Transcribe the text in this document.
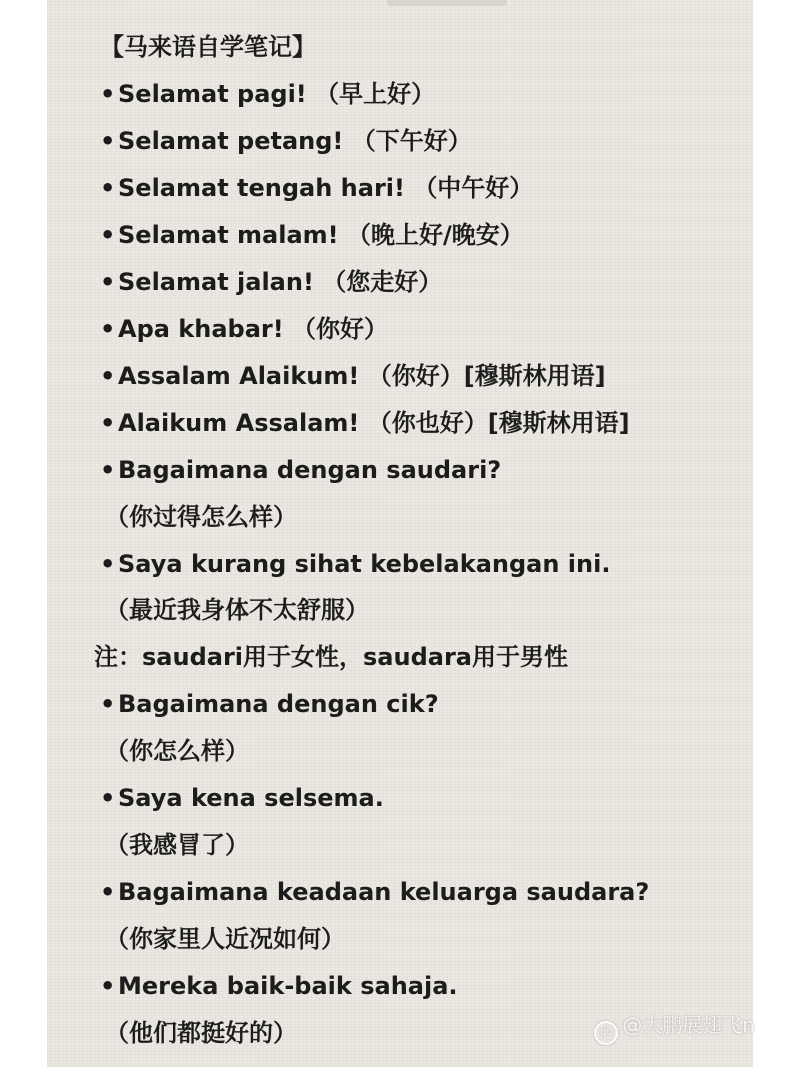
【马来语自学笔记】
• Selamat pagi! （早上好）
• Selamat petang! （下午好）
• Selamat tengah hari! （中午好）
• Selamat malam! （晚上好/晚安）
• Selamat jalan! （您走好）
• Apa khabar! （你好）
• Assalam Alaikum! （你好）[穆斯林用语]
• Alaikum Assalam! （你也好）[穆斯林用语]
• Bagaimana dengan saudari?
（你过得怎么样）
• Saya kurang sihat kebelakangan ini.
（最近我身体不太舒服）
注：saudari用于女性，saudara用于男性
• Bagaimana dengan cik?
（你怎么样）
• Saya kena selsema.
（我感冒了）
• Bagaimana keadaan keluarga saudara?
（你家里人近况如何）
• Mereka baik-baik sahaja.
（他们都挺好的）	du @大鹏展翅飞n
